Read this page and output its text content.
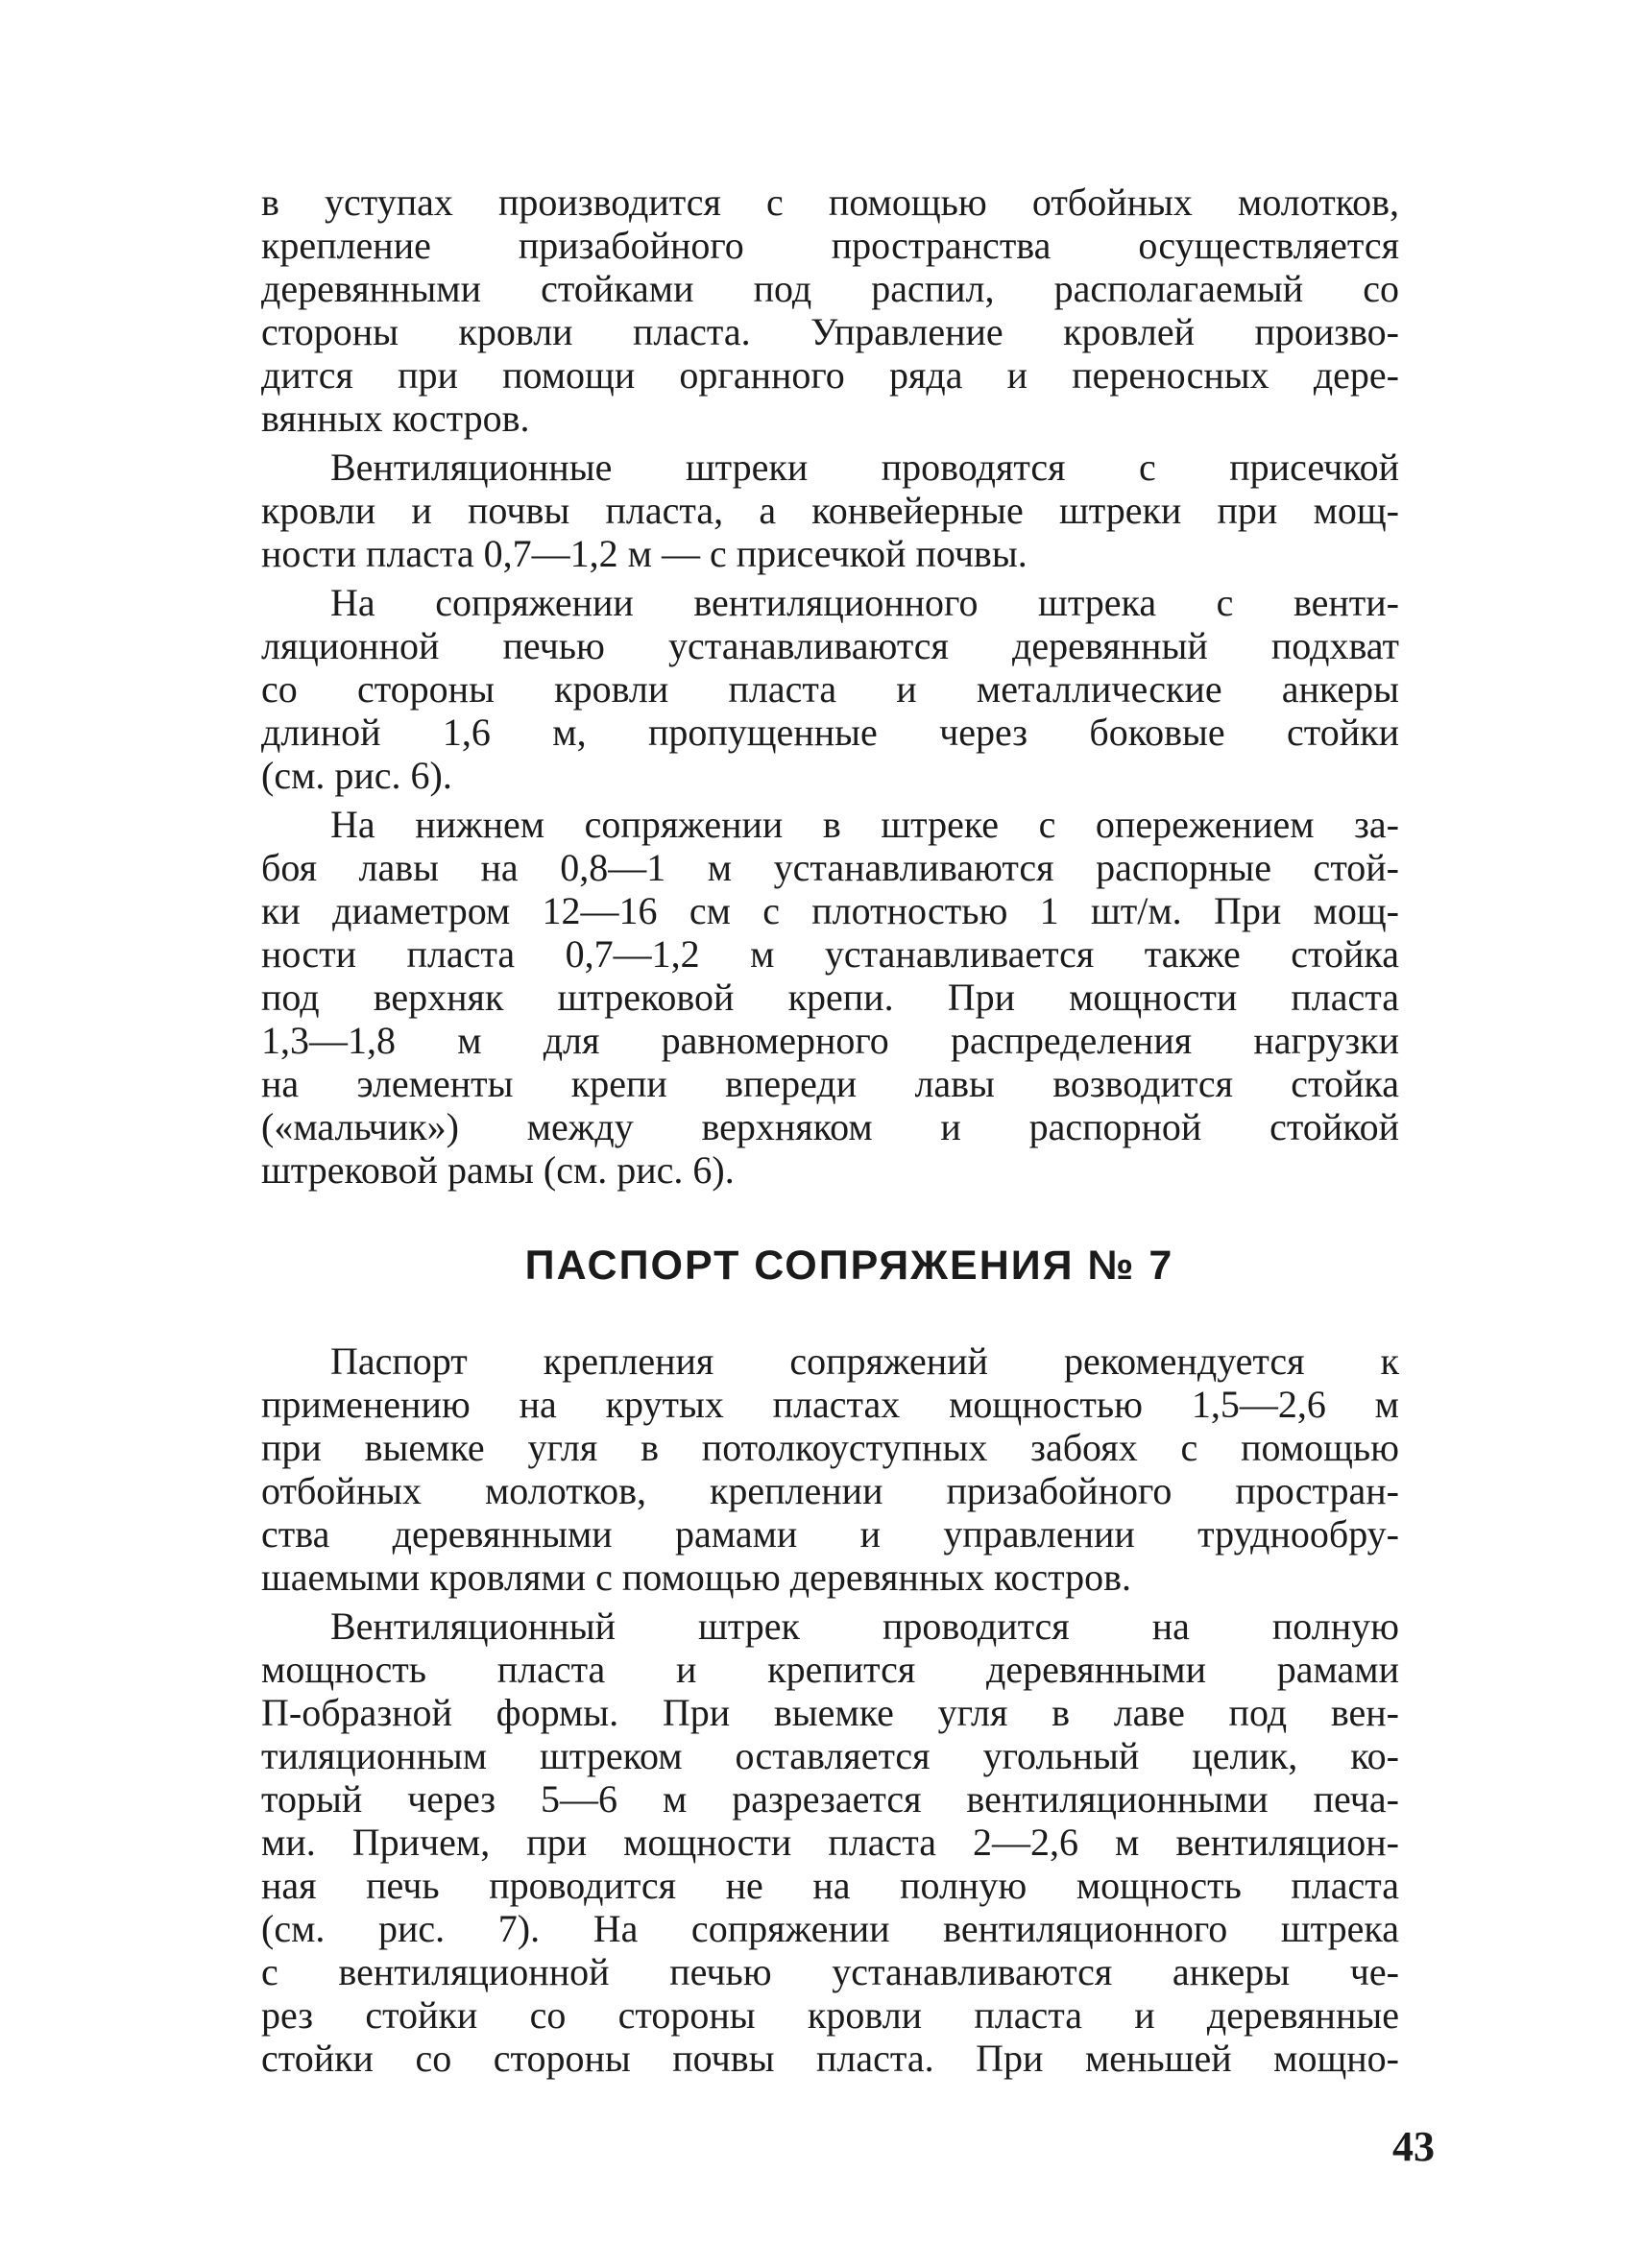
в уступах производится с помощью отбойных молотков,
крепление призабойного пространства осуществляется
деревянными стойками под распил, располагаемый со
стороны кровли пласта. Управление кровлей произво-
дится при помощи органного ряда и переносных дере-
вянных костров.
Вентиляционные штреки проводятся с присечкой
кровли и почвы пласта, а конвейерные штреки при мощ-
ности пласта 0,7—1,2 м — с присечкой почвы.
На сопряжении вентиляционного штрека с венти-
ляционной печью устанавливаются деревянный подхват
со стороны кровли пласта и металлические анкеры
длиной 1,6 м, пропущенные через боковые стойки
(см. рис. 6).
На нижнем сопряжении в штреке с опережением за-
боя лавы на 0,8—1 м устанавливаются распорные стой-
ки диаметром 12—16 см с плотностью 1 шт/м. При мощ-
ности пласта 0,7—1,2 м устанавливается также стойка
под верхняк штрековой крепи. При мощности пласта
1,3—1,8 м для равномерного распределения нагрузки
на элементы крепи впереди лавы возводится стойка
(«мальчик») между верхняком и распорной стойкой
штрековой рамы (см. рис. 6).
ПАСПОРТ СОПРЯЖЕНИЯ № 7
Паспорт крепления сопряжений рекомендуется к
применению на крутых пластах мощностью 1,5—2,6 м
при выемке угля в потолкоуступных забоях с помощью
отбойных молотков, креплении призабойного простран-
ства деревянными рамами и управлении труднообру-
шаемыми кровлями с помощью деревянных костров.
Вентиляционный штрек проводится на полную
мощность пласта и крепится деревянными рамами
П-образной формы. При выемке угля в лаве под вен-
тиляционным штреком оставляется угольный целик, ко-
торый через 5—6 м разрезается вентиляционными печа-
ми. Причем, при мощности пласта 2—2,6 м вентиляцион-
ная печь проводится не на полную мощность пласта
(см. рис. 7). На сопряжении вентиляционного штрека
с вентиляционной печью устанавливаются анкеры че-
рез стойки со стороны кровли пласта и деревянные
стойки со стороны почвы пласта. При меньшей мощно-
43
